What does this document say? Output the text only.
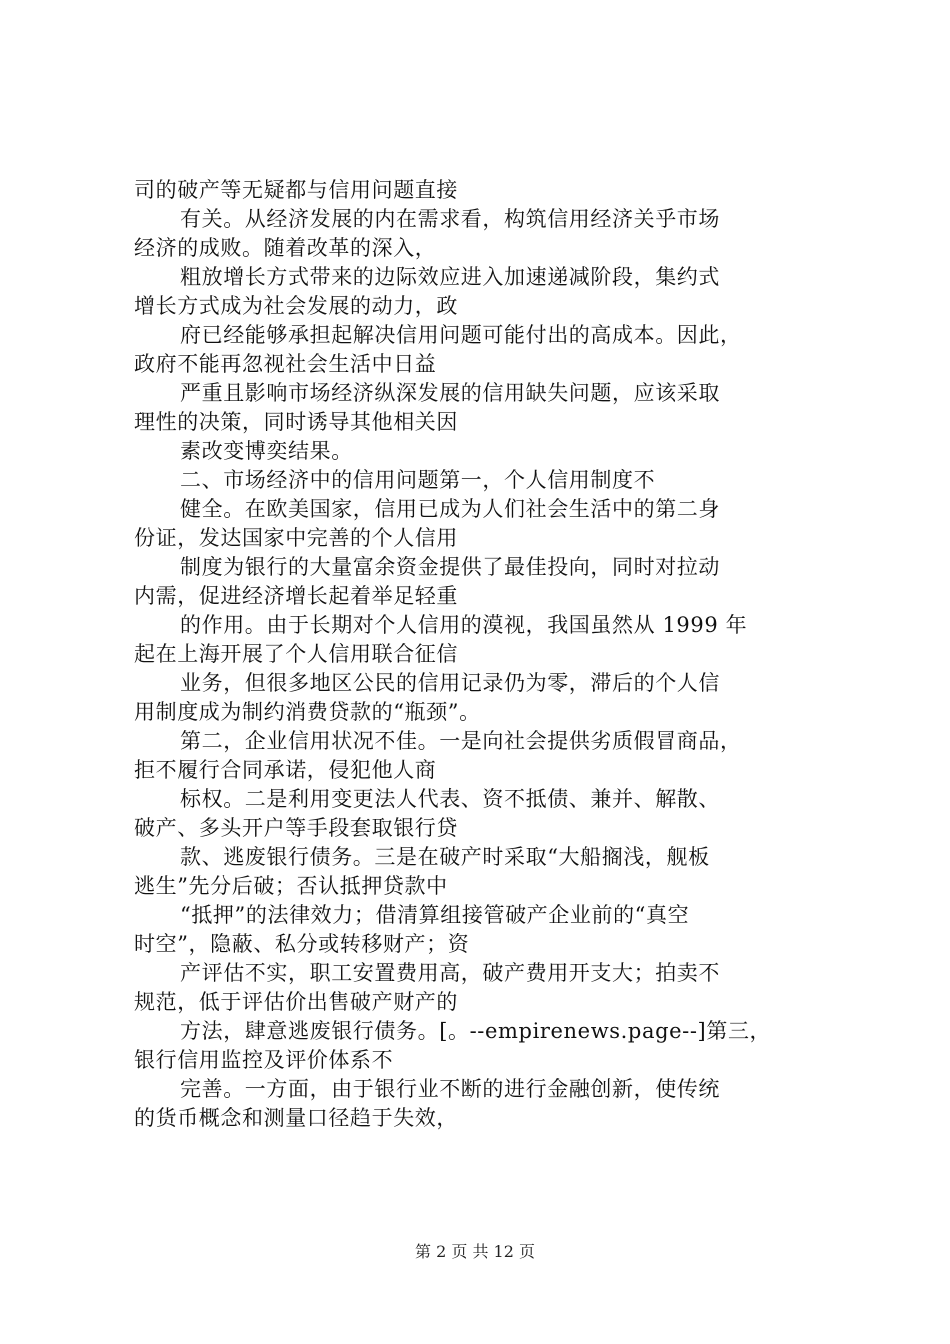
司的破产等无疑都与信用问题直接
有关。从经济发展的内在需求看，构筑信用经济关乎市场
经济的成败。随着改革的深入，
粗放增长方式带来的边际效应进入加速递减阶段，集约式
增长方式成为社会发展的动力，政
府已经能够承担起解决信用问题可能付出的高成本。因此，
政府不能再忽视社会生活中日益
严重且影响市场经济纵深发展的信用缺失问题，应该采取
理性的决策，同时诱导其他相关因
素改变博奕结果。
二、市场经济中的信用问题第一，个人信用制度不
健全。在欧美国家，信用已成为人们社会生活中的第二身
份证，发达国家中完善的个人信用
制度为银行的大量富余资金提供了最佳投向，同时对拉动
内需，促进经济增长起着举足轻重
的作用。由于长期对个人信用的漠视，我国虽然从 1999 年
起在上海开展了个人信用联合征信
业务，但很多地区公民的信用记录仍为零，滞后的个人信
用制度成为制约消费贷款的“瓶颈”。
第二，企业信用状况不佳。一是向社会提供劣质假冒商品，
拒不履行合同承诺，侵犯他人商
标权。二是利用变更法人代表、资不抵债、兼并、解散、
破产、多头开户等手段套取银行贷
款、逃废银行债务。三是在破产时采取“大船搁浅，舰板
逃生”先分后破；否认抵押贷款中
“抵押”的法律效力；借清算组接管破产企业前的“真空
时空”，隐蔽、私分或转移财产；资
产评估不实，职工安置费用高，破产费用开支大；拍卖不
规范，低于评估价出售破产财产的
方法，肆意逃废银行债务。[。--empirenews.page--]第三，
银行信用监控及评价体系不
完善。一方面，由于银行业不断的进行金融创新，使传统
的货币概念和测量口径趋于失效，
第 2 页 共 12 页
